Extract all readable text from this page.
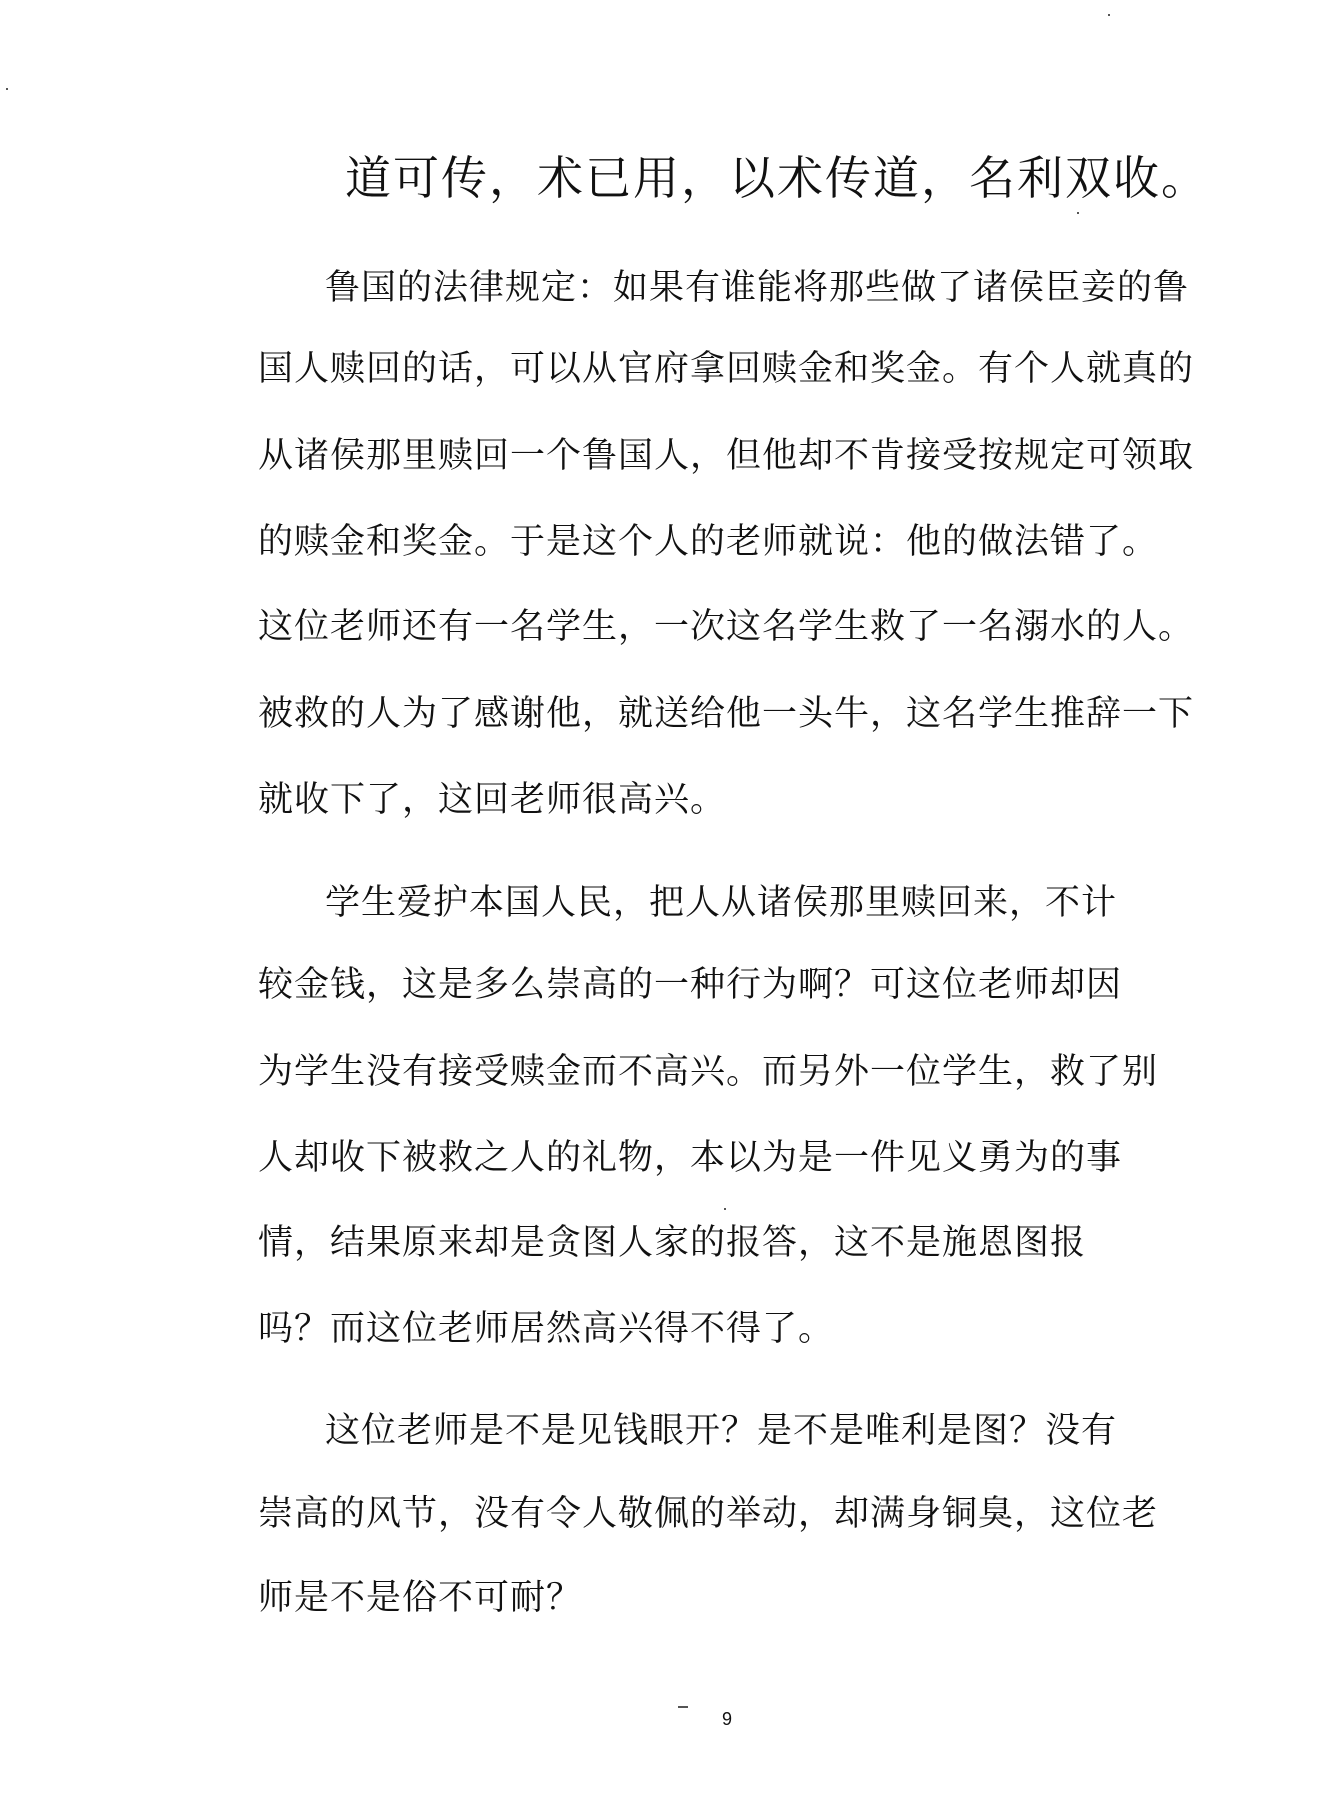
道可传，术已用，以术传道，名利双收。
鲁国的法律规定：如果有谁能将那些做了诸侯臣妾的鲁
国人赎回的话，可以从官府拿回赎金和奖金。有个人就真的
从诸侯那里赎回一个鲁国人，但他却不肯接受按规定可领取
的赎金和奖金。于是这个人的老师就说：他的做法错了。
这位老师还有一名学生，一次这名学生救了一名溺水的人。
被救的人为了感谢他，就送给他一头牛，这名学生推辞一下
就收下了，这回老师很高兴。
学生爱护本国人民，把人从诸侯那里赎回来，不计
较金钱，这是多么崇高的一种行为啊？可这位老师却因
为学生没有接受赎金而不高兴。而另外一位学生，救了别
人却收下被救之人的礼物，本以为是一件见义勇为的事
情，结果原来却是贪图人家的报答，这不是施恩图报
吗？而这位老师居然高兴得不得了。
这位老师是不是见钱眼开？是不是唯利是图？没有
崇高的风节，没有令人敬佩的举动，却满身铜臭，这位老
师是不是俗不可耐？
9
